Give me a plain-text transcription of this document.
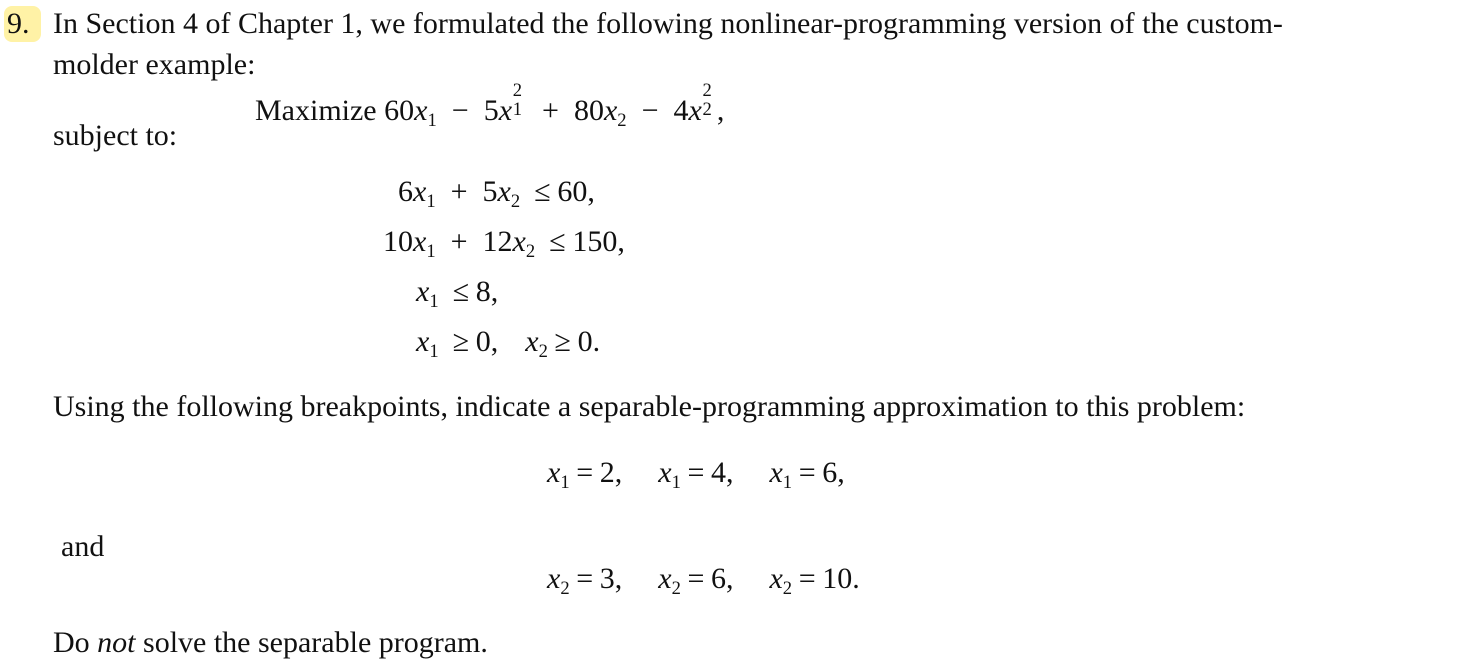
9. In Section 4 of Chapter 1, we formulated the following nonlinear-programming version of the custom-
molder example:
Maximize $60x_1 - 5x$
2
$1 + 80x_2 - 4x$
2
2 ,
subject to:
$6x_1 + 5x_2 \le 60$,
$10x_1 + 12x_2 \le 150$,
$x_1 \le 8$,
$x_1 \ge 0$, $x_2 \ge 0$.
Using the following breakpoints, indicate a separable-programming approximation to this problem:
$x_1 = 2$, $x_1 = 4$, $x_1 = 6$,
and
$x_2 = 3$, $x_2 = 6$, $x_2 = 10$.
Do not solve the separable program.
